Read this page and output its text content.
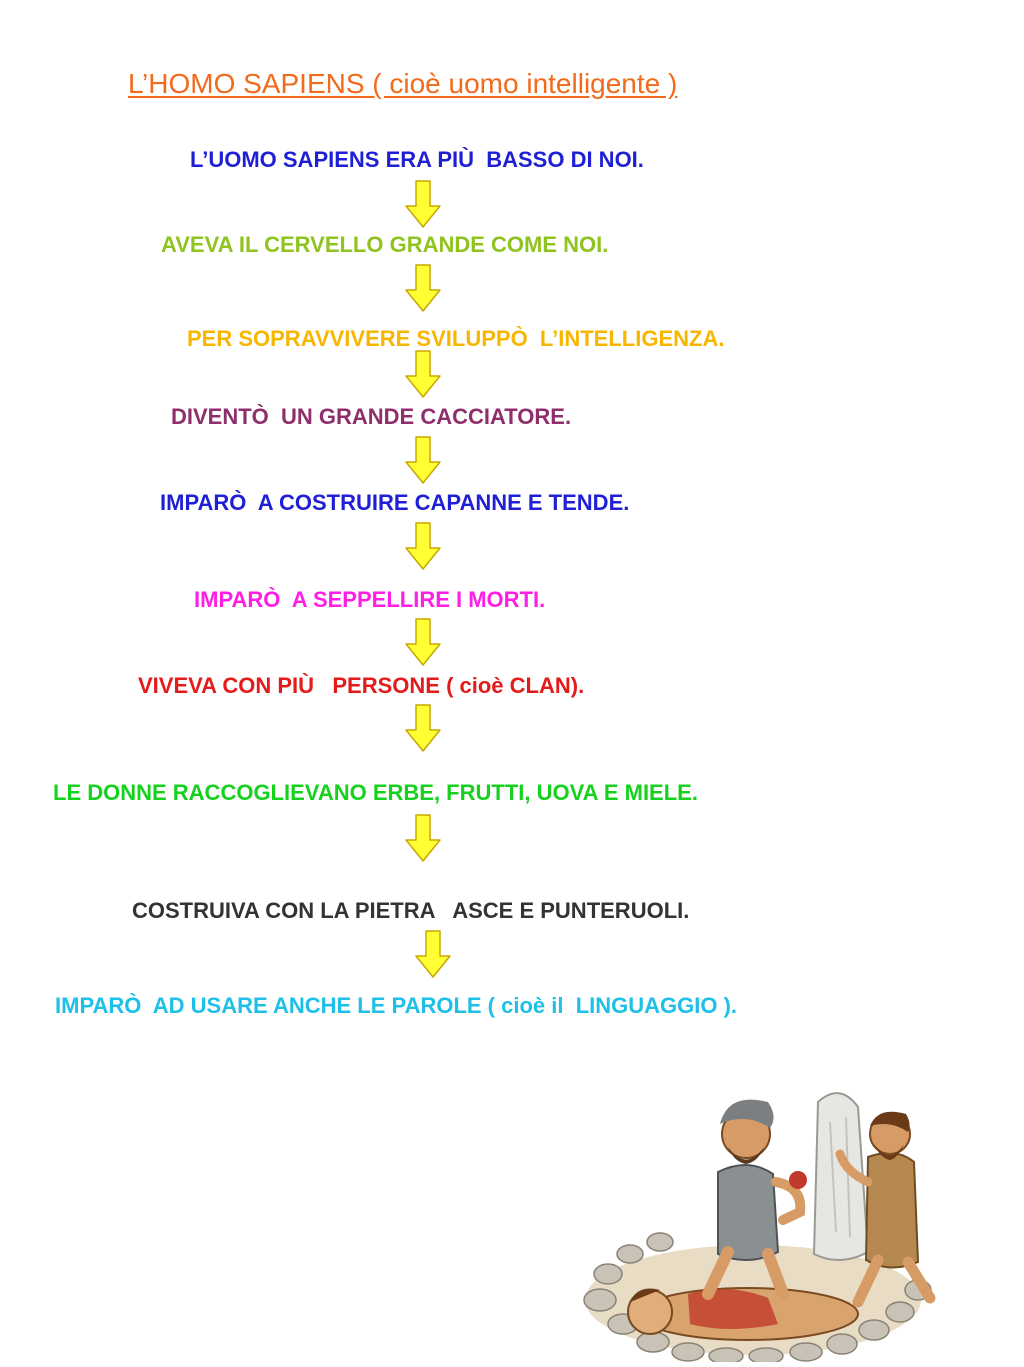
L’HOMO SAPIENS ( cioè uomo intelligente )
L’UOMO SAPIENS ERA PIÙ  BASSO DI NOI.
AVEVA IL CERVELLO GRANDE COME NOI.
PER SOPRAVVIVERE SVILUPPÒ  L’INTELLIGENZA.
DIVENTÒ  UN GRANDE CACCIATORE.
IMPARÒ  A COSTRUIRE CAPANNE E TENDE.
IMPARÒ  A SEPPELLIRE I MORTI.
VIVEVA CON PIÙ   PERSONE ( cioè CLAN).
LE DONNE RACCOGLIEVANO ERBE, FRUTTI, UOVA E MIELE.
COSTRUIVA CON LA PIETRA   ASCE E PUNTERUOLI.
IMPARÒ  AD USARE ANCHE LE PAROLE ( cioè il  LINGUAGGIO ).
